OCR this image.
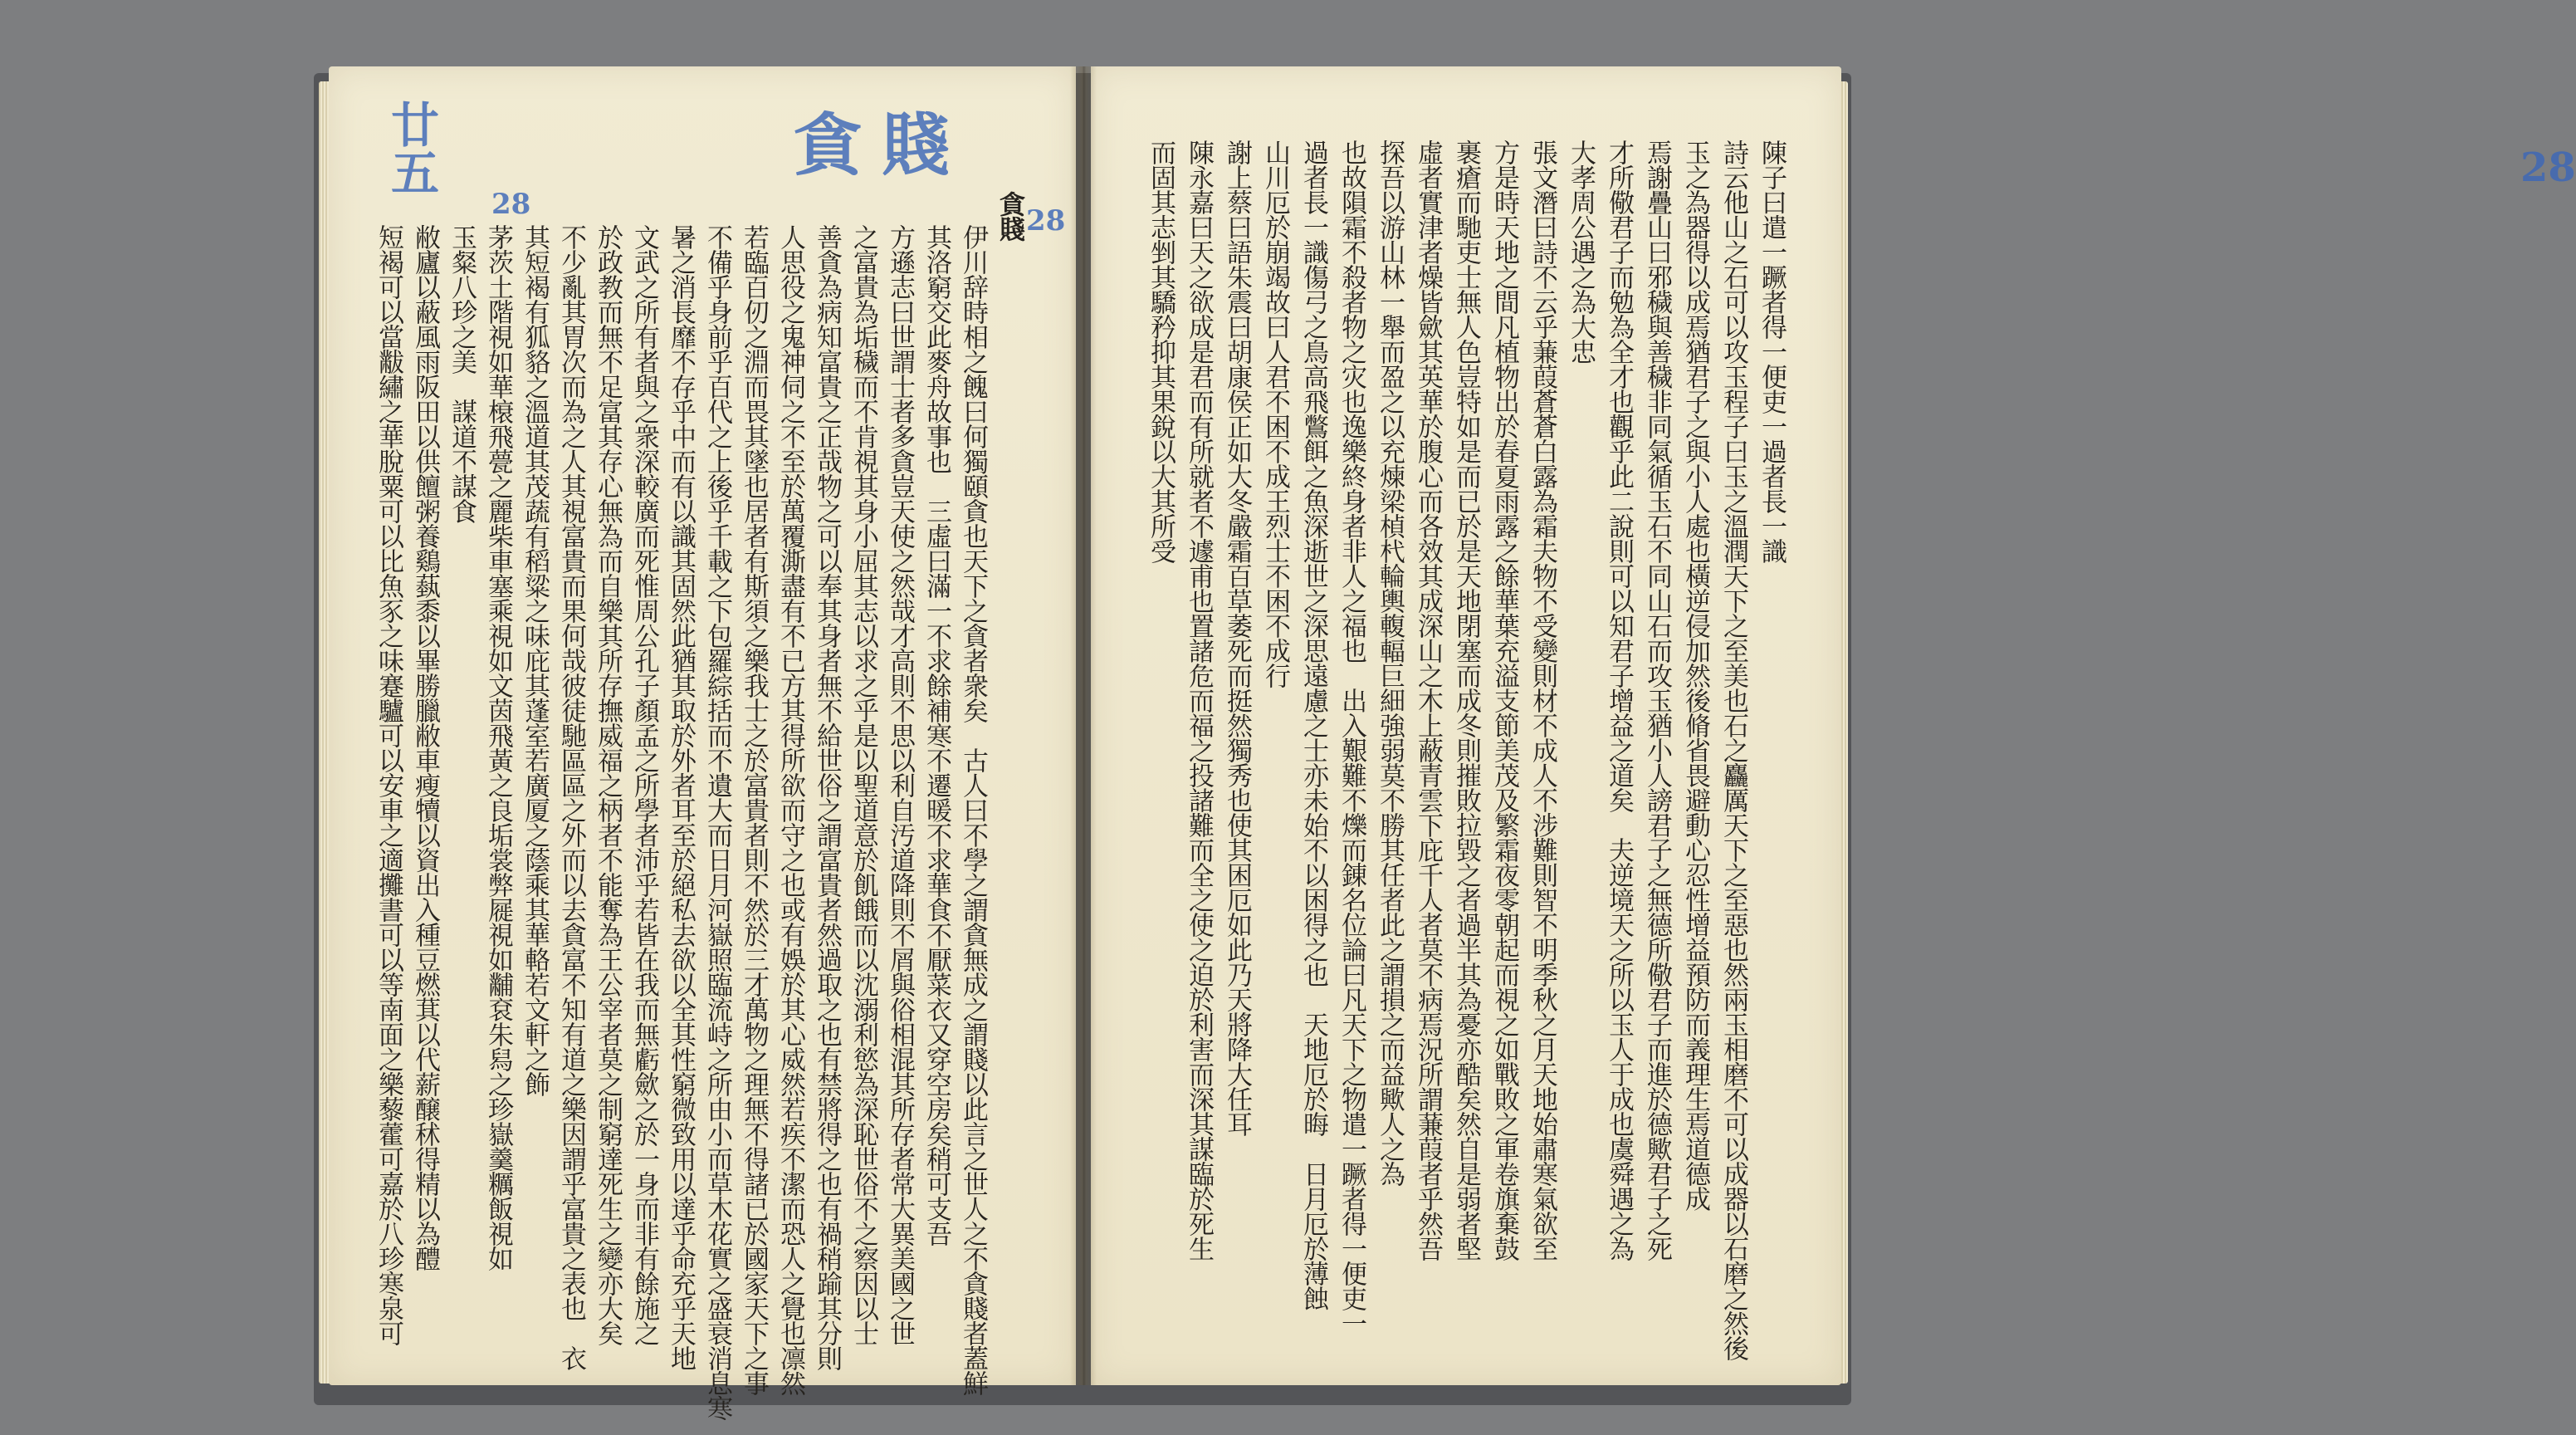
廿五	貪賤
28	28
貪賤
伊川辞時相之餽曰何獨頤貪也天下之貪者衆矣　古人曰不學之謂貪無成之謂賤以此言之世人之不貪賤者蓋鮮
其洛窮交此麥舟故事也　三虛曰滿一不求餘補寒不遷暖不求華食不厭菜衣又穿空房矣稍可支吾
方遜志曰世謂士者多貪豈天使之然哉才高則不思以利自汚道降則不屑與俗相混其所存者常大異美國之世
之富貴為垢穢而不肯視其身小屈其志以求之乎是以聖道意於飢餓而以沈溺利慾為深恥世俗不之察因以士
善貪為病知富貴之正哉物之可以奉其身者無不給世俗之謂富貴者然過取之也有禁將得之也有禍稍踰其分則
人思役之鬼神伺之不至於萬覆澌盡有不已方其得所欲而守之也或有娛於其心威然若疾不潔而恐人之覺也凛然
若臨百仞之淵而畏其墜也居者有斯須之樂我士之於富貴者則不然於三才萬物之理無不得諸已於國家天下之事
不備乎身前乎百代之上後乎千載之下包羅綜括而不遺大而日月河嶽照臨流峙之所由小而草木花實之盛衰消息寒
暑之消長靡不存乎中而有以識其固然此猶其取於外者耳至於絕私去欲以全其性窮微致用以達乎命充乎天地
文武之所有者與之衆深較廣而死惟周公孔子顏孟之所學者沛乎若皆在我而無虧歛之於一身而非有餘施之
於政教而無不足富其存心無為而自樂其所存撫威福之柄者不能奪為王公宰者莫之制窮達死生之變亦大矣
不少亂其胃次而為之人其視富貴而果何哉彼徒馳區區之外而以去貪富不知有道之樂因謂乎富貴之表也　衣
其短褐有狐貉之溫道其茂蔬有稻粱之味庇其蓬室若廣厦之蔭乘其華輅若文軒之飾
茅茨土階視如華榱飛甍之麗柴車塞乘視如文茵飛黃之良垢裳弊屣視如黼袞朱舄之珍嶽羹糲飯視如
玉粲八珍之美　謀道不謀食
敝廬以蔽風雨阪田以供饘粥養鷄蓺黍以畢勝臘敝車瘦犢以資出入種豆燃萁以代薪醸秫得精以為醴
短褐可以當黻繡之華脫粟可以比魚豕之味蹇驢可以安車之適攤書可以等南面之樂藜藿可嘉於八珍寒泉可
28
陳子曰遣一蹶者得一便吏一過者長一識
詩云他山之石可以攻玉程子曰玉之溫潤天下之至美也石之麤厲天下之至惡也然兩玉相磨不可以成器以石磨之然後
玉之為器得以成焉猶君子之與小人處也橫逆侵加然後脩省畏避動心忍性增益預防而義理生焉道德成
焉謝疊山曰邪穢與善穢非同氣循玉石不同山石而攻玉猶小人謗君子之無德所儆君子而進於德歟君子之死
才所儆君子而勉為全才也觀乎此二說則可以知君子增益之道矣　夫逆境天之所以玉人于成也虞舜遇之為
大孝周公遇之為大忠
張文潛曰詩不云乎蒹葭蒼蒼白露為霜夫物不受變則材不成人不涉難則智不明季秋之月天地始肅寒氣欲至
方是時天地之間凡植物出於春夏雨露之餘華葉充溢支節美茂及繁霜夜零朝起而視之如戰敗之軍卷旗棄鼓
裹瘡而馳吏士無人色豈特如是而已於是天地閉塞而成冬則摧敗拉毀之者過半其為憂亦酷矣然自是弱者堅
虛者實津者燥皆歛其英華於腹心而各效其成深山之木上蔽青雲下庇千人者莫不病焉況所謂蒹葭者乎然吾
探吾以游山林一舉而盈之以充煉梁楨杙輪輿輹輻巨細強弱莫不勝其任者此之謂損之而益歟人之為
也故隕霜不殺者物之灾也逸樂終身者非人之福也　出入艱難不爍而錬名位論曰凡天下之物遣一蹶者得一便吏一
過者長一識傷弓之鳥高飛鷩餌之魚深逝世之深思遠慮之士亦未始不以困得之也　天地厄於晦　日月厄於薄蝕
山川厄於崩竭故曰人君不困不成王烈士不困不成行
謝上蔡曰語朱震曰胡康侯正如大冬嚴霜百草萎死而挺然獨秀也使其困厄如此乃天將降大任耳
陳永嘉曰天之欲成是君而有所就者不遽甫也置諸危而福之投諸難而全之使之迫於利害而深其謀臨於死生
而固其志剉其驕矜抑其果銳以大其所受
